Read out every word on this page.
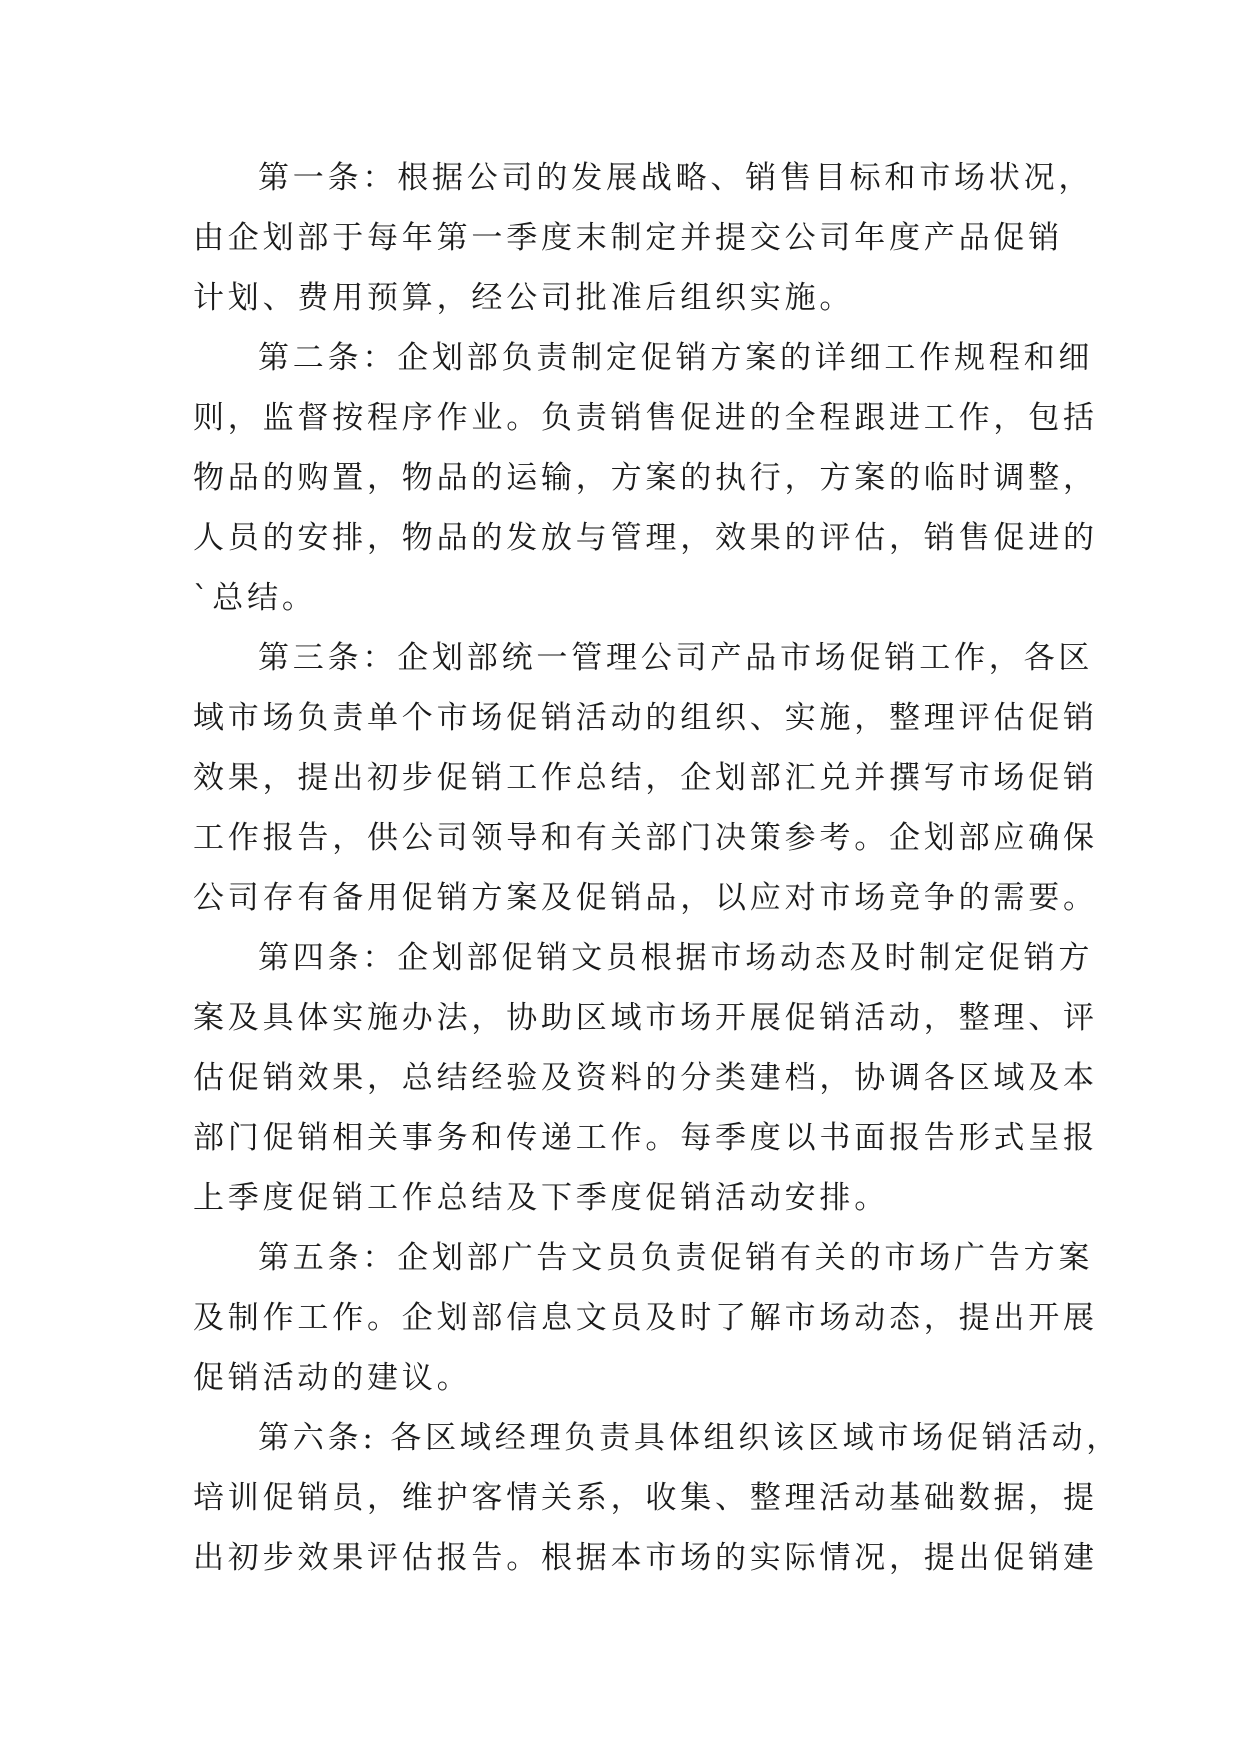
第一条：根据公司的发展战略、销售目标和市场状况，

由企划部于每年第一季度末制定并提交公司年度产品促销

计划、费用预算，经公司批准后组织实施。

第二条：企划部负责制定促销方案的详细工作规程和细

则，监督按程序作业。负责销售促进的全程跟进工作，包括

物品的购置，物品的运输，方案的执行，方案的临时调整，

人员的安排，物品的发放与管理，效果的评估，销售促进的

`总结。

第三条：企划部统一管理公司产品市场促销工作，各区

域市场负责单个市场促销活动的组织、实施，整理评估促销

效果，提出初步促销工作总结，企划部汇兑并撰写市场促销

工作报告，供公司领导和有关部门决策参考。企划部应确保

公司存有备用促销方案及促销品，以应对市场竞争的需要。

第四条：企划部促销文员根据市场动态及时制定促销方

案及具体实施办法，协助区域市场开展促销活动，整理、评

估促销效果，总结经验及资料的分类建档，协调各区域及本

部门促销相关事务和传递工作。每季度以书面报告形式呈报

上季度促销工作总结及下季度促销活动安排。

第五条：企划部广告文员负责促销有关的市场广告方案

及制作工作。企划部信息文员及时了解市场动态，提出开展

促销活动的建议。

第六条: 各区域经理负责具体组织该区域市场促销活动，

培训促销员，维护客情关系，收集、整理活动基础数据，提

出初步效果评估报告。根据本市场的实际情况，提出促销建
